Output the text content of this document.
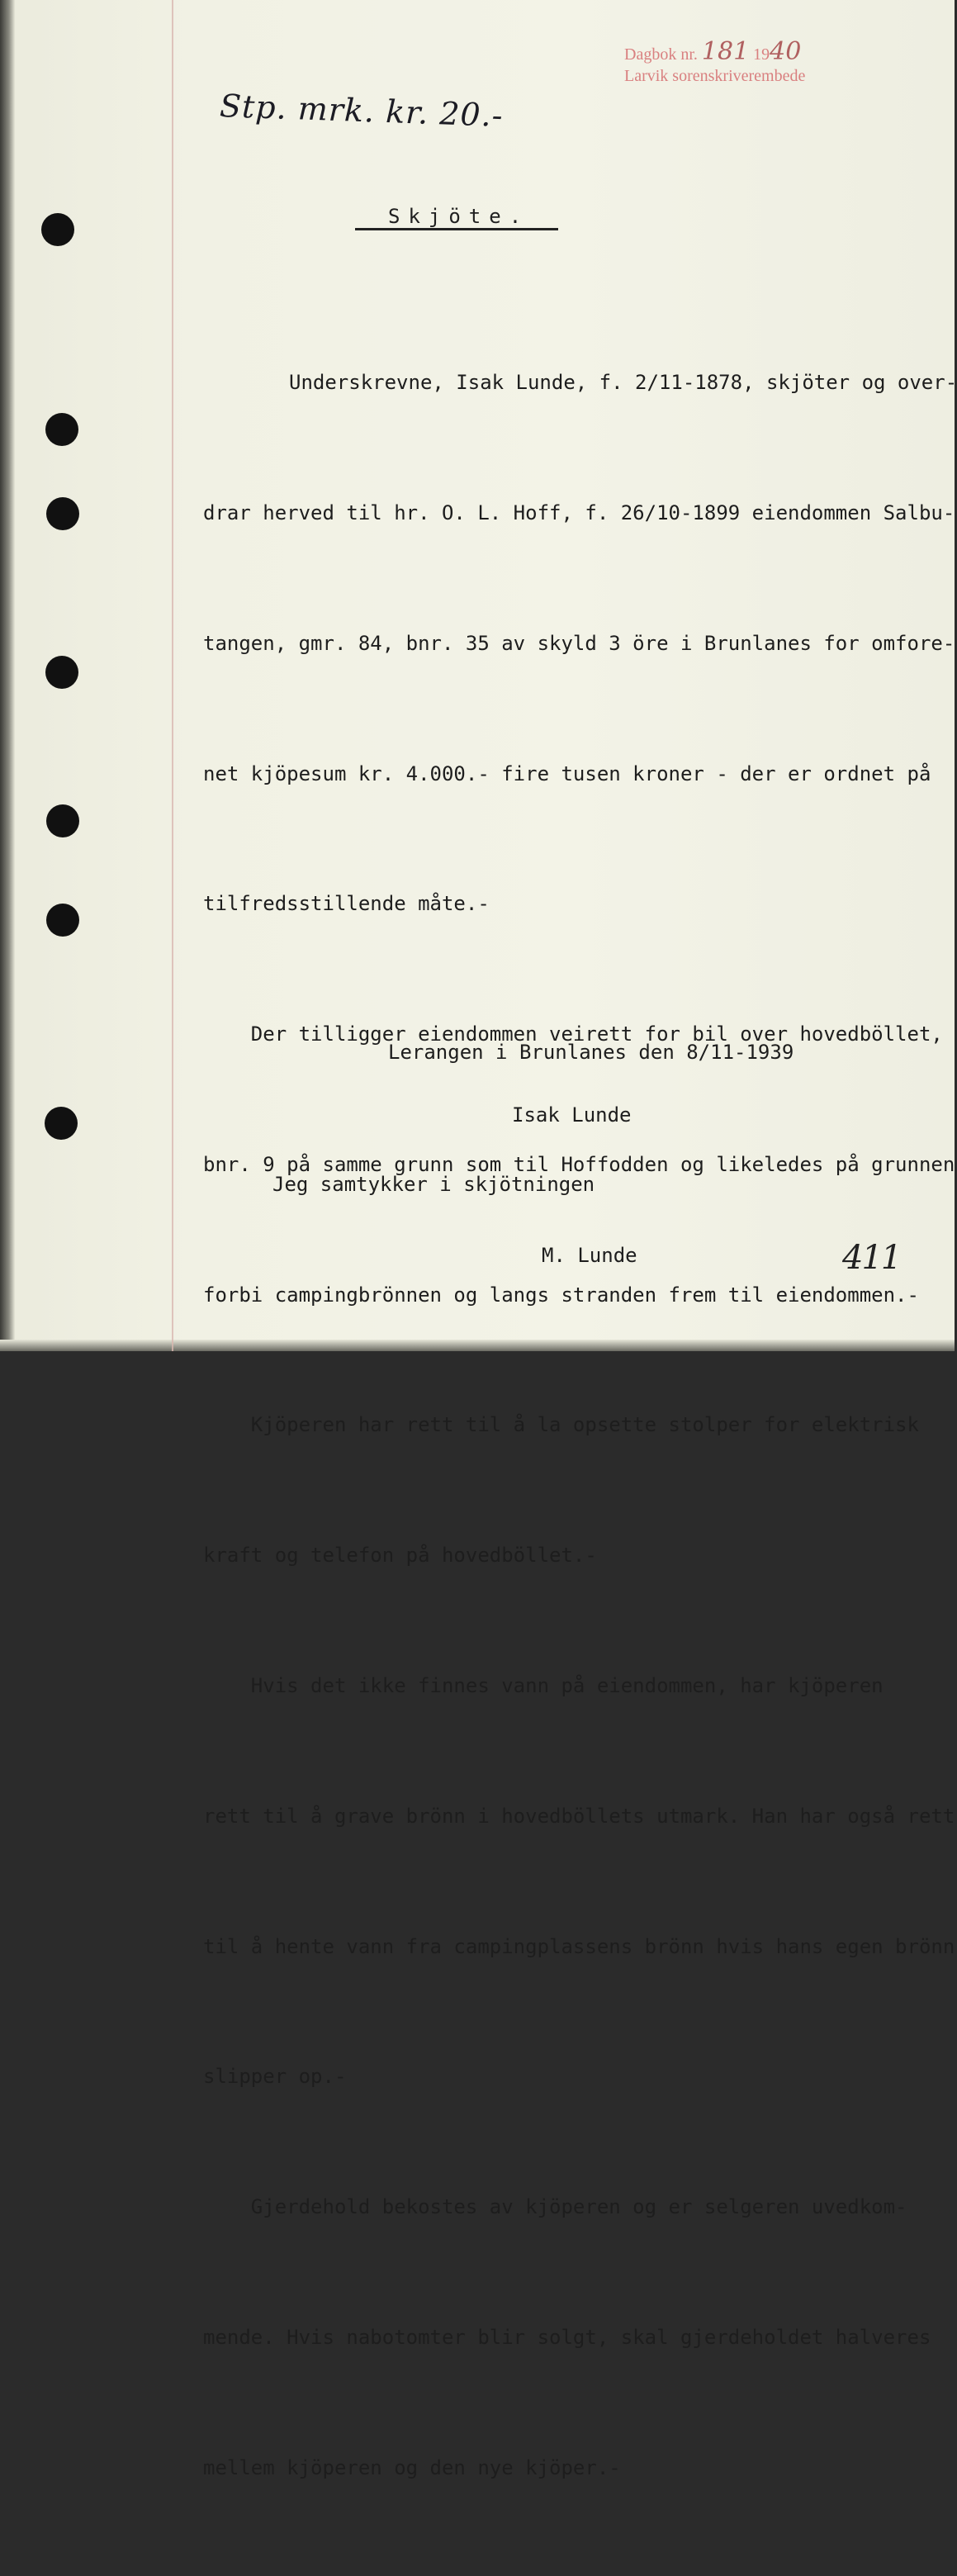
Dagbok nr. 181 1940
Larvik sorenskriverembede
Stp. mrk. kr. 20.-
Skjöte.

Underskrevne, Isak Lunde, f. 2/11-1878, skjöter og over-

drar herved til hr. O. L. Hoff, f. 26/10-1899 eiendommen Salbu-

tangen, gmr. 84, bnr. 35 av skyld 3 öre i Brunlanes for omfore-

net kjöpesum kr. 4.000.- fire tusen kroner - der er ordnet på

tilfredsstillende måte.-

Der tilligger eiendommen veirett for bil over hovedböllet,

bnr. 9 på samme grunn som til Hoffodden og likeledes på grunnen

forbi campingbrönnen og langs stranden frem til eiendommen.-

Kjöperen har rett til å la opsette stolper for elektrisk

kraft og telefon på hovedböllet.-

Hvis det ikke finnes vann på eiendommen, har kjöperen

rett til å grave brönn i hovedböllets utmark. Han har også rett

til å hente vann fra campingplassens brönn hvis hans egen brönn

slipper op.-

Gjerdehold bekostes av kjöperen og er selgeren uvedkom-

mende. Hvis nabotomter blir solgt, skal gjerdeholdet halveres

mellem kjöperen og den nye kjöper.-

Lerangen i Brunlanes den 8/11-1939
Isak Lunde
Jeg samtykker i skjötningen
M. Lunde	411
